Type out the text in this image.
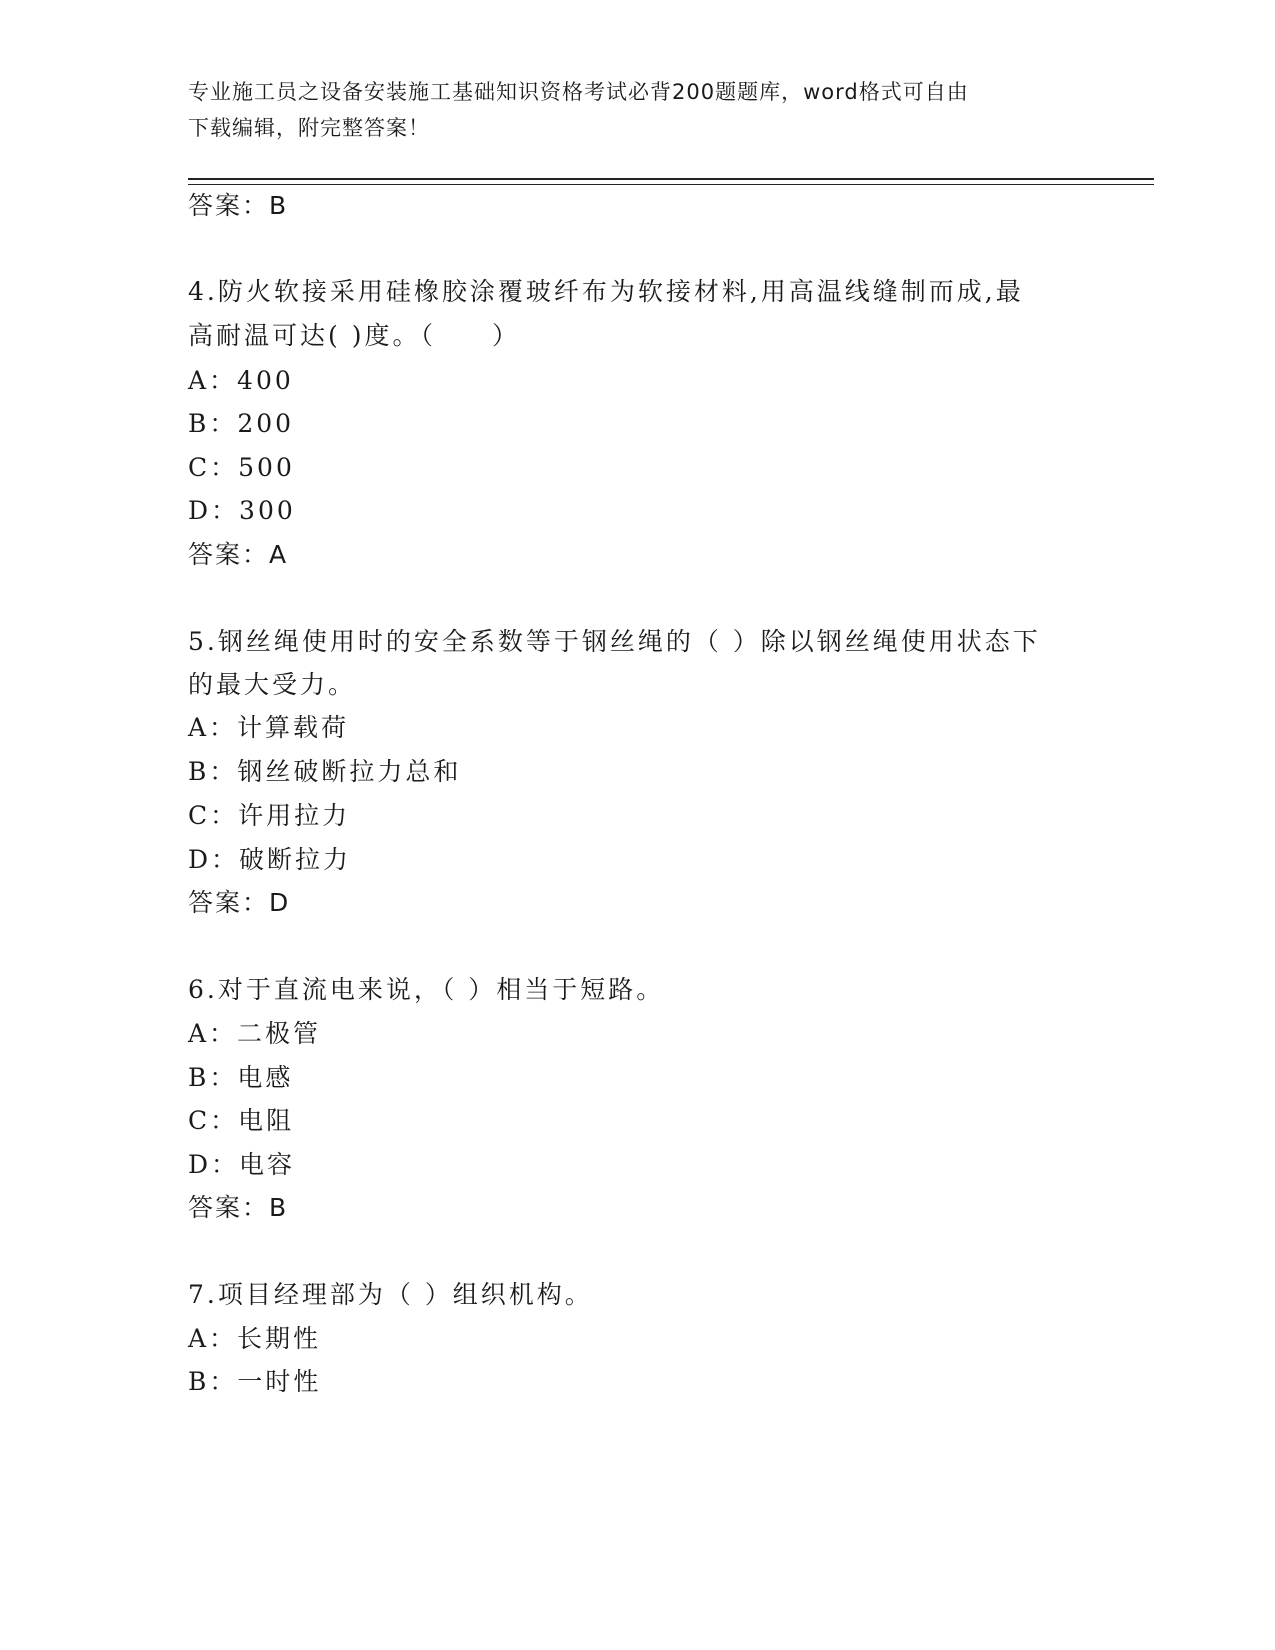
专业施工员之设备安装施工基础知识资格考试必背200题题库，word格式可自由
下载编辑，附完整答案！
答案：B
4.防火软接采用硅橡胶涂覆玻纤布为软接材料,用高温线缝制而成,最
高耐温可达( )度。（　　）
A：400
B：200
C：500
D：300
答案：A
5.钢丝绳使用时的安全系数等于钢丝绳的（ ）除以钢丝绳使用状态下
的最大受力。
A：计算载荷
B：钢丝破断拉力总和
C：许用拉力
D：破断拉力
答案：D
6.对于直流电来说，（ ）相当于短路。
A：二极管
B：电感
C：电阻
D：电容
答案：B
7.项目经理部为（ ）组织机构。
A：长期性
B：一时性
